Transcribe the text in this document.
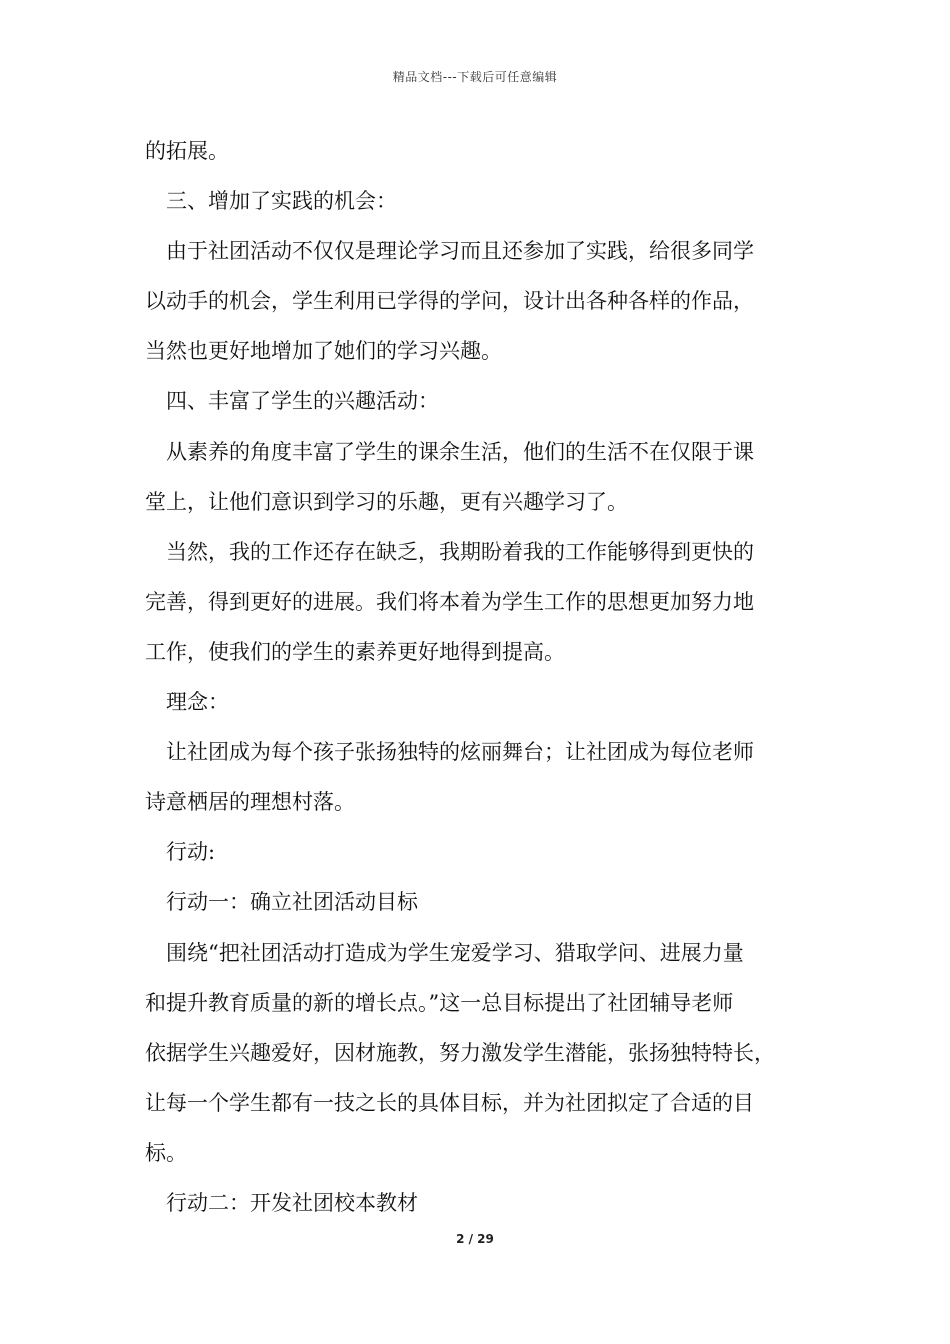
精品文档---下载后可任意编辑
的拓展。
三、增加了实践的机会：
由于社团活动不仅仅是理论学习而且还参加了实践，给很多同学
以动手的机会，学生利用已学得的学问，设计出各种各样的作品，
当然也更好地增加了她们的学习兴趣。
四、丰富了学生的兴趣活动：
从素养的角度丰富了学生的课余生活，他们的生活不在仅限于课
堂上，让他们意识到学习的乐趣，更有兴趣学习了。
当然，我的工作还存在缺乏，我期盼着我的工作能够得到更快的
完善，得到更好的进展。我们将本着为学生工作的思想更加努力地
工作，使我们的学生的素养更好地得到提高。
理念：
让社团成为每个孩子张扬独特的炫丽舞台；让社团成为每位老师
诗意栖居的理想村落。
行动:
行动一：确立社团活动目标
围绕“把社团活动打造成为学生宠爱学习、猎取学问、进展力量
和提升教育质量的新的增长点。”这一总目标提出了社团辅导老师
依据学生兴趣爱好，因材施教，努力激发学生潜能，张扬独特特长，
让每一个学生都有一技之长的具体目标，并为社团拟定了合适的目
标。
行动二：开发社团校本教材
2 / 29
